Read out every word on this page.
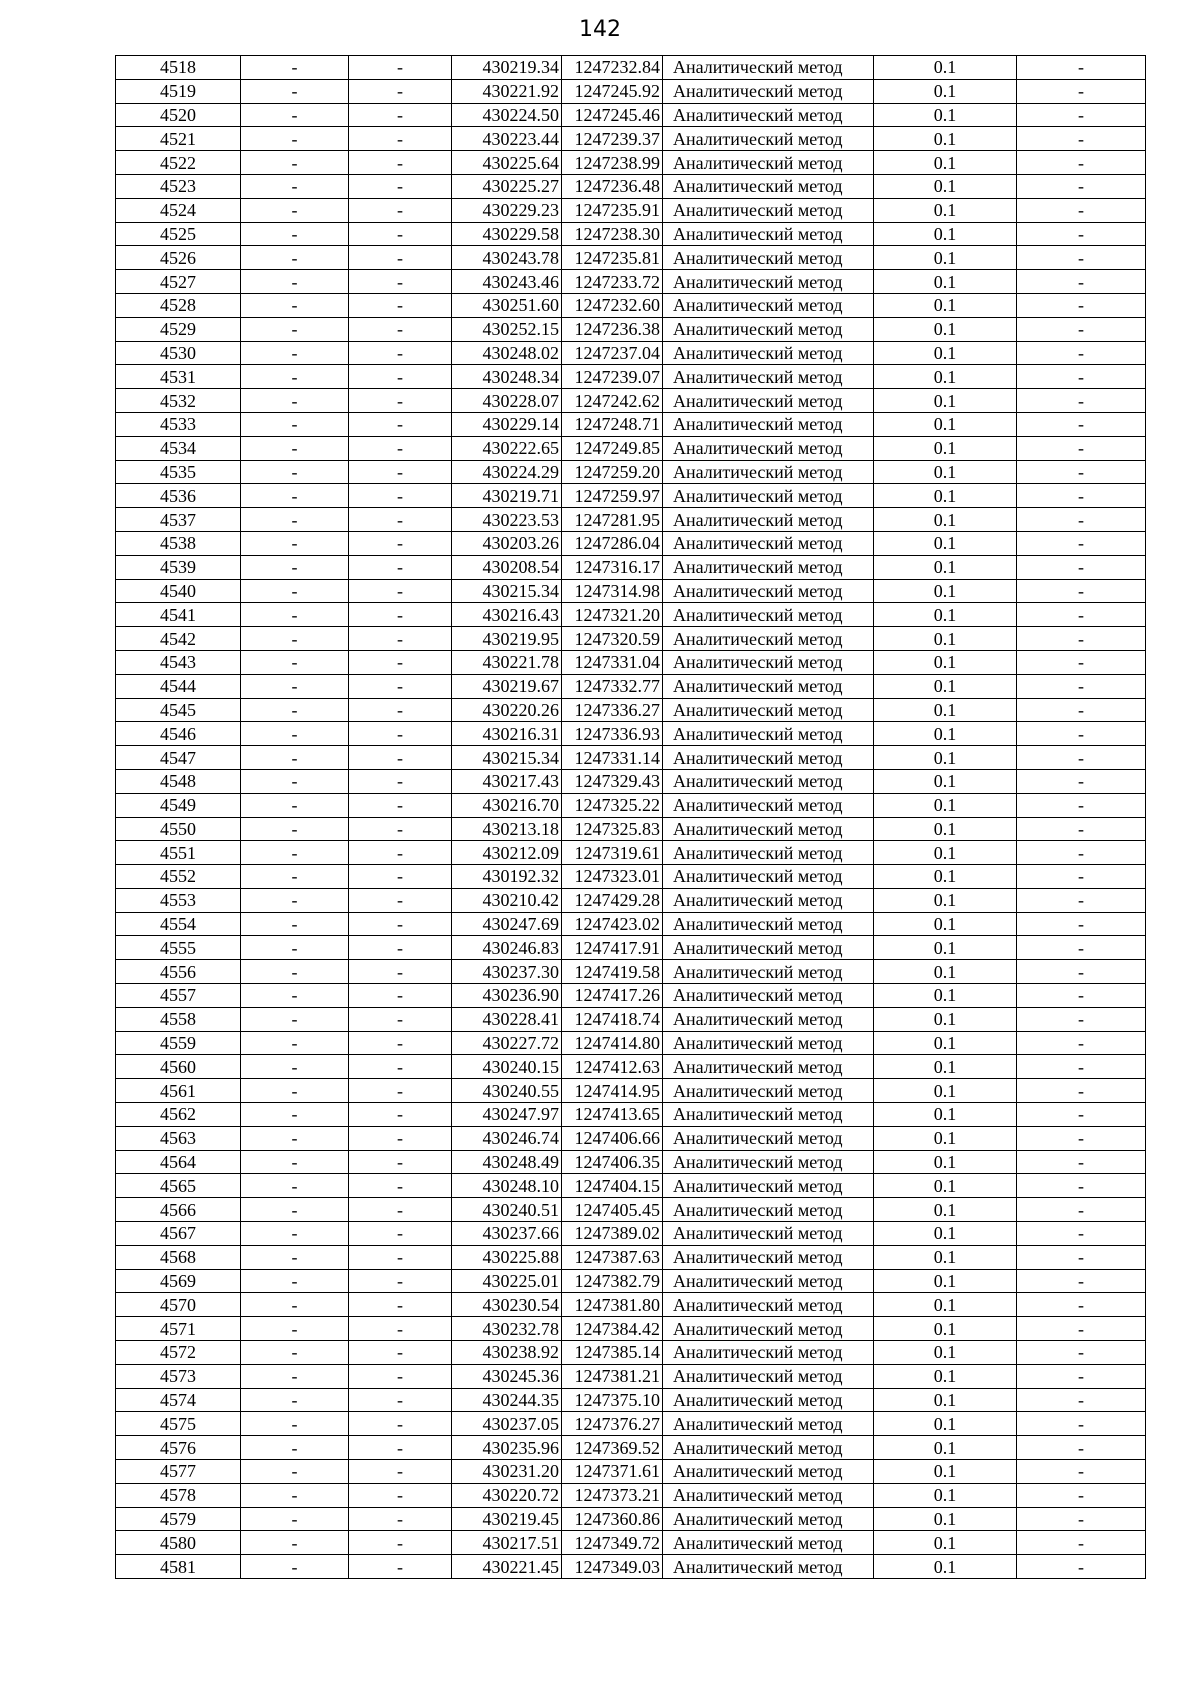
142
4518	-	-	430219.34	1247232.84	Аналитический метод	0.1	-
4519	-	-	430221.92	1247245.92	Аналитический метод	0.1	-
4520	-	-	430224.50	1247245.46	Аналитический метод	0.1	-
4521	-	-	430223.44	1247239.37	Аналитический метод	0.1	-
4522	-	-	430225.64	1247238.99	Аналитический метод	0.1	-
4523	-	-	430225.27	1247236.48	Аналитический метод	0.1	-
4524	-	-	430229.23	1247235.91	Аналитический метод	0.1	-
4525	-	-	430229.58	1247238.30	Аналитический метод	0.1	-
4526	-	-	430243.78	1247235.81	Аналитический метод	0.1	-
4527	-	-	430243.46	1247233.72	Аналитический метод	0.1	-
4528	-	-	430251.60	1247232.60	Аналитический метод	0.1	-
4529	-	-	430252.15	1247236.38	Аналитический метод	0.1	-
4530	-	-	430248.02	1247237.04	Аналитический метод	0.1	-
4531	-	-	430248.34	1247239.07	Аналитический метод	0.1	-
4532	-	-	430228.07	1247242.62	Аналитический метод	0.1	-
4533	-	-	430229.14	1247248.71	Аналитический метод	0.1	-
4534	-	-	430222.65	1247249.85	Аналитический метод	0.1	-
4535	-	-	430224.29	1247259.20	Аналитический метод	0.1	-
4536	-	-	430219.71	1247259.97	Аналитический метод	0.1	-
4537	-	-	430223.53	1247281.95	Аналитический метод	0.1	-
4538	-	-	430203.26	1247286.04	Аналитический метод	0.1	-
4539	-	-	430208.54	1247316.17	Аналитический метод	0.1	-
4540	-	-	430215.34	1247314.98	Аналитический метод	0.1	-
4541	-	-	430216.43	1247321.20	Аналитический метод	0.1	-
4542	-	-	430219.95	1247320.59	Аналитический метод	0.1	-
4543	-	-	430221.78	1247331.04	Аналитический метод	0.1	-
4544	-	-	430219.67	1247332.77	Аналитический метод	0.1	-
4545	-	-	430220.26	1247336.27	Аналитический метод	0.1	-
4546	-	-	430216.31	1247336.93	Аналитический метод	0.1	-
4547	-	-	430215.34	1247331.14	Аналитический метод	0.1	-
4548	-	-	430217.43	1247329.43	Аналитический метод	0.1	-
4549	-	-	430216.70	1247325.22	Аналитический метод	0.1	-
4550	-	-	430213.18	1247325.83	Аналитический метод	0.1	-
4551	-	-	430212.09	1247319.61	Аналитический метод	0.1	-
4552	-	-	430192.32	1247323.01	Аналитический метод	0.1	-
4553	-	-	430210.42	1247429.28	Аналитический метод	0.1	-
4554	-	-	430247.69	1247423.02	Аналитический метод	0.1	-
4555	-	-	430246.83	1247417.91	Аналитический метод	0.1	-
4556	-	-	430237.30	1247419.58	Аналитический метод	0.1	-
4557	-	-	430236.90	1247417.26	Аналитический метод	0.1	-
4558	-	-	430228.41	1247418.74	Аналитический метод	0.1	-
4559	-	-	430227.72	1247414.80	Аналитический метод	0.1	-
4560	-	-	430240.15	1247412.63	Аналитический метод	0.1	-
4561	-	-	430240.55	1247414.95	Аналитический метод	0.1	-
4562	-	-	430247.97	1247413.65	Аналитический метод	0.1	-
4563	-	-	430246.74	1247406.66	Аналитический метод	0.1	-
4564	-	-	430248.49	1247406.35	Аналитический метод	0.1	-
4565	-	-	430248.10	1247404.15	Аналитический метод	0.1	-
4566	-	-	430240.51	1247405.45	Аналитический метод	0.1	-
4567	-	-	430237.66	1247389.02	Аналитический метод	0.1	-
4568	-	-	430225.88	1247387.63	Аналитический метод	0.1	-
4569	-	-	430225.01	1247382.79	Аналитический метод	0.1	-
4570	-	-	430230.54	1247381.80	Аналитический метод	0.1	-
4571	-	-	430232.78	1247384.42	Аналитический метод	0.1	-
4572	-	-	430238.92	1247385.14	Аналитический метод	0.1	-
4573	-	-	430245.36	1247381.21	Аналитический метод	0.1	-
4574	-	-	430244.35	1247375.10	Аналитический метод	0.1	-
4575	-	-	430237.05	1247376.27	Аналитический метод	0.1	-
4576	-	-	430235.96	1247369.52	Аналитический метод	0.1	-
4577	-	-	430231.20	1247371.61	Аналитический метод	0.1	-
4578	-	-	430220.72	1247373.21	Аналитический метод	0.1	-
4579	-	-	430219.45	1247360.86	Аналитический метод	0.1	-
4580	-	-	430217.51	1247349.72	Аналитический метод	0.1	-
4581	-	-	430221.45	1247349.03	Аналитический метод	0.1	-
